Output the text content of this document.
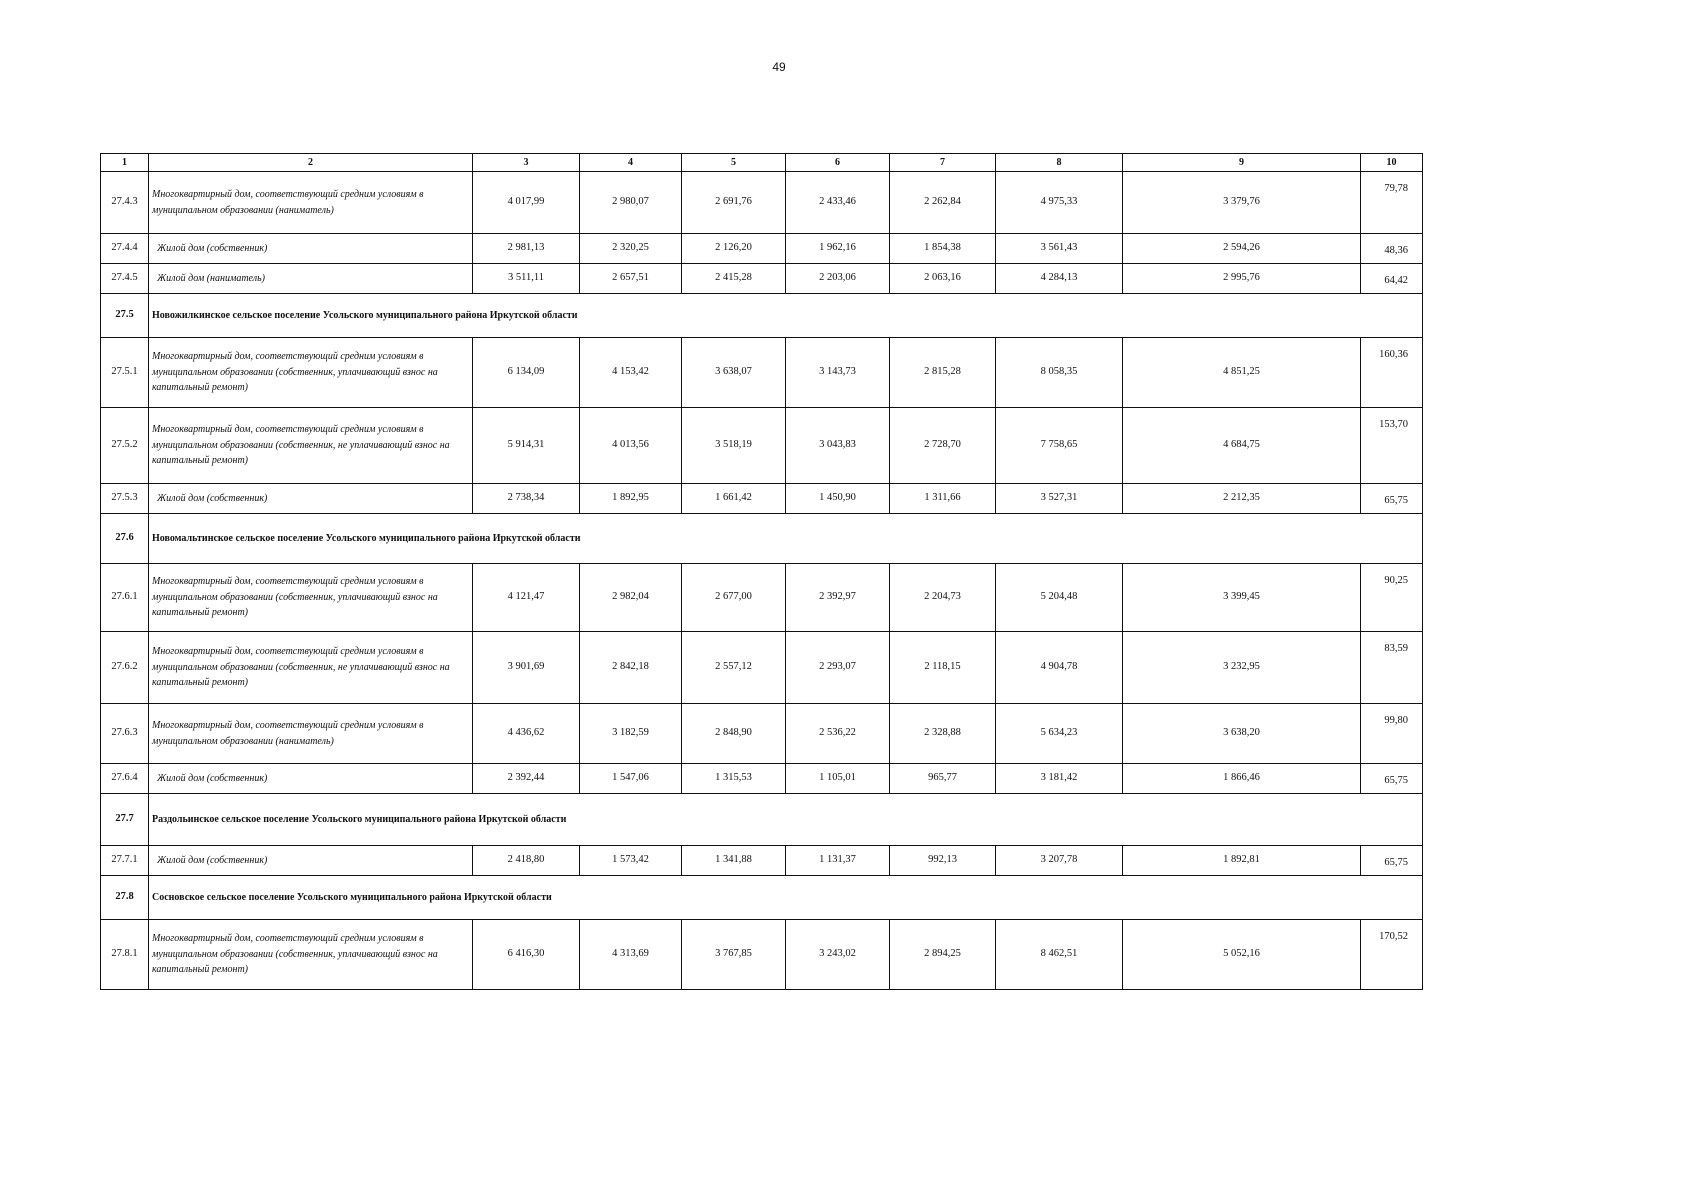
49
1	2	3	4	5	6	7	8	9	10
27.4.3	Многоквартирный дом, соответствующий средним условиям в муниципальном образовании (наниматель)	4 017,99	2 980,07	2 691,76	2 433,46	2 262,84	4 975,33	3 379,76	79,78
27.4.4	Жилой дом (собственник)	2 981,13	2 320,25	2 126,20	1 962,16	1 854,38	3 561,43	2 594,26	48,36
27.4.5	Жилой дом (наниматель)	3 511,11	2 657,51	2 415,28	2 203,06	2 063,16	4 284,13	2 995,76	64,42
27.5	Новожилкинское сельское поселение Усольского муниципального района Иркутской области								
27.5.1	Многоквартирный дом, соответствующий средним условиям в муниципальном образовании (собственник, уплачивающий взнос на капитальный ремонт)	6 134,09	4 153,42	3 638,07	3 143,73	2 815,28	8 058,35	4 851,25	160,36
27.5.2	Многоквартирный дом, соответствующий средним условиям в муниципальном образовании (собственник, не уплачивающий взнос на капитальный ремонт)	5 914,31	4 013,56	3 518,19	3 043,83	2 728,70	7 758,65	4 684,75	153,70
27.5.3	Жилой дом (собственник)	2 738,34	1 892,95	1 661,42	1 450,90	1 311,66	3 527,31	2 212,35	65,75
27.6	Новомальтинское сельское поселение Усольского муниципального района Иркутской области								
27.6.1	Многоквартирный дом, соответствующий средним условиям в муниципальном образовании (собственник, уплачивающий взнос на капитальный ремонт)	4 121,47	2 982,04	2 677,00	2 392,97	2 204,73	5 204,48	3 399,45	90,25
27.6.2	Многоквартирный дом, соответствующий средним условиям в муниципальном образовании (собственник, не уплачивающий взнос на капитальный ремонт)	3 901,69	2 842,18	2 557,12	2 293,07	2 118,15	4 904,78	3 232,95	83,59
27.6.3	Многоквартирный дом, соответствующий средним условиям в муниципальном образовании (наниматель)	4 436,62	3 182,59	2 848,90	2 536,22	2 328,88	5 634,23	3 638,20	99,80
27.6.4	Жилой дом (собственник)	2 392,44	1 547,06	1 315,53	1 105,01	965,77	3 181,42	1 866,46	65,75
27.7	Раздольинское сельское поселение Усольского муниципального района Иркутской области								
27.7.1	Жилой дом (собственник)	2 418,80	1 573,42	1 341,88	1 131,37	992,13	3 207,78	1 892,81	65,75
27.8	Сосновское сельское поселение Усольского муниципального района Иркутской области								
27.8.1	Многоквартирный дом, соответствующий средним условиям в муниципальном образовании (собственник, уплачивающий взнос на капитальный ремонт)	6 416,30	4 313,69	3 767,85	3 243,02	2 894,25	8 462,51	5 052,16	170,52
